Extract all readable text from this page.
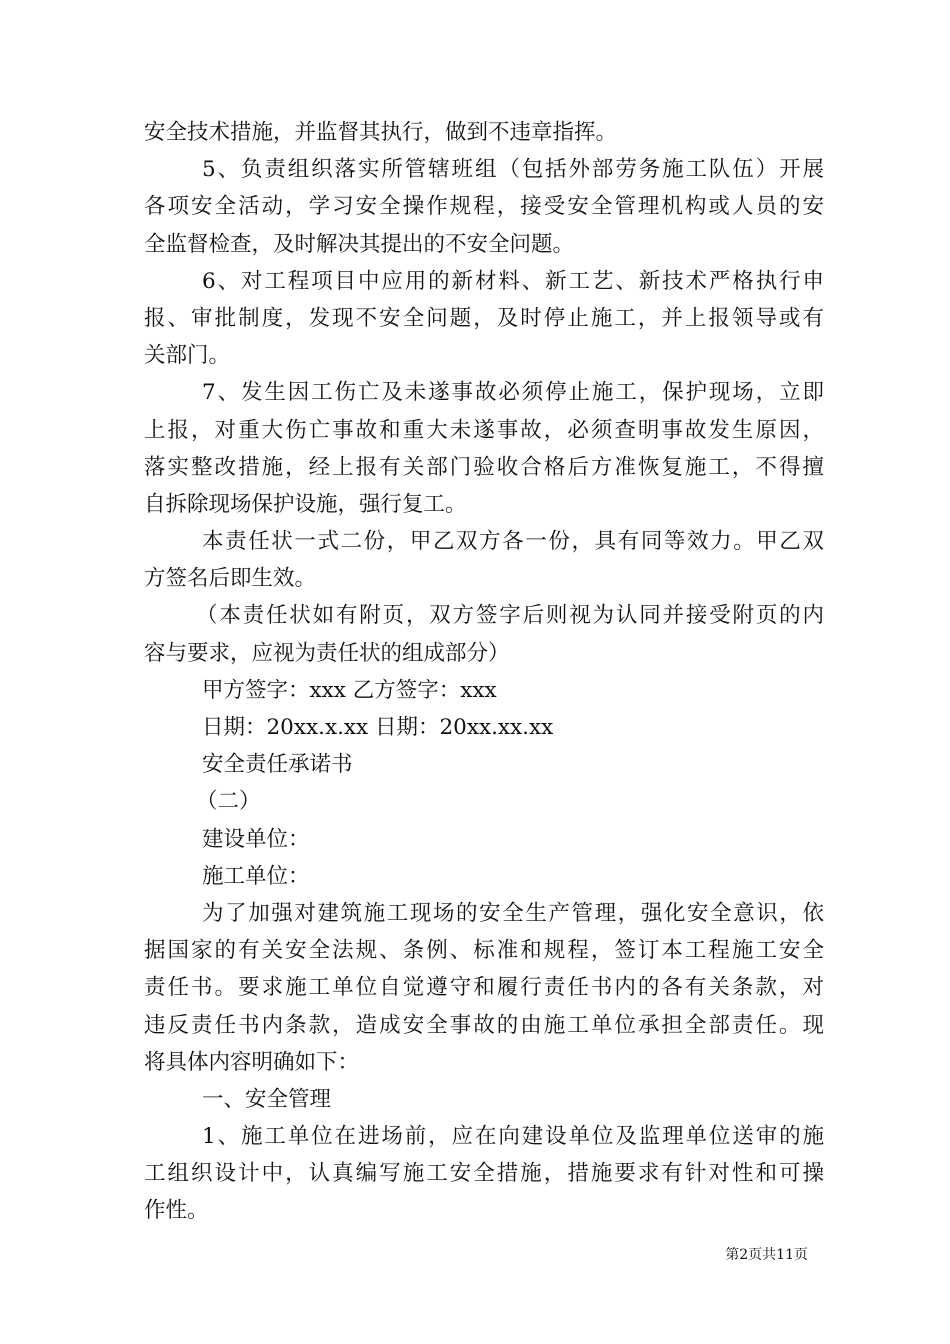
安全技术措施，并监督其执行，做到不违章指挥。
5、负责组织落实所管辖班组（包括外部劳务施工队伍）开展
各项安全活动，学习安全操作规程，接受安全管理机构或人员的安
全监督检查，及时解决其提出的不安全问题。
6、对工程项目中应用的新材料、新工艺、新技术严格执行申
报、审批制度，发现不安全问题，及时停止施工，并上报领导或有
关部门。
7、发生因工伤亡及未遂事故必须停止施工，保护现场，立即
上报，对重大伤亡事故和重大未遂事故，必须查明事故发生原因，
落实整改措施，经上报有关部门验收合格后方准恢复施工，不得擅
自拆除现场保护设施，强行复工。
本责任状一式二份，甲乙双方各一份，具有同等效力。甲乙双
方签名后即生效。
（本责任状如有附页，双方签字后则视为认同并接受附页的内
容与要求，应视为责任状的组成部分）
甲方签字：xxx 乙方签字：xxx
日期：20xx.x.xx 日期：20xx.xx.xx
安全责任承诺书
（二）
建设单位：
施工单位：
为了加强对建筑施工现场的安全生产管理，强化安全意识，依
据国家的有关安全法规、条例、标准和规程，签订本工程施工安全
责任书。要求施工单位自觉遵守和履行责任书内的各有关条款，对
违反责任书内条款，造成安全事故的由施工单位承担全部责任。现
将具体内容明确如下：
一、安全管理
1、施工单位在进场前，应在向建设单位及监理单位送审的施
工组织设计中，认真编写施工安全措施，措施要求有针对性和可操
作性。
第2页共11页
